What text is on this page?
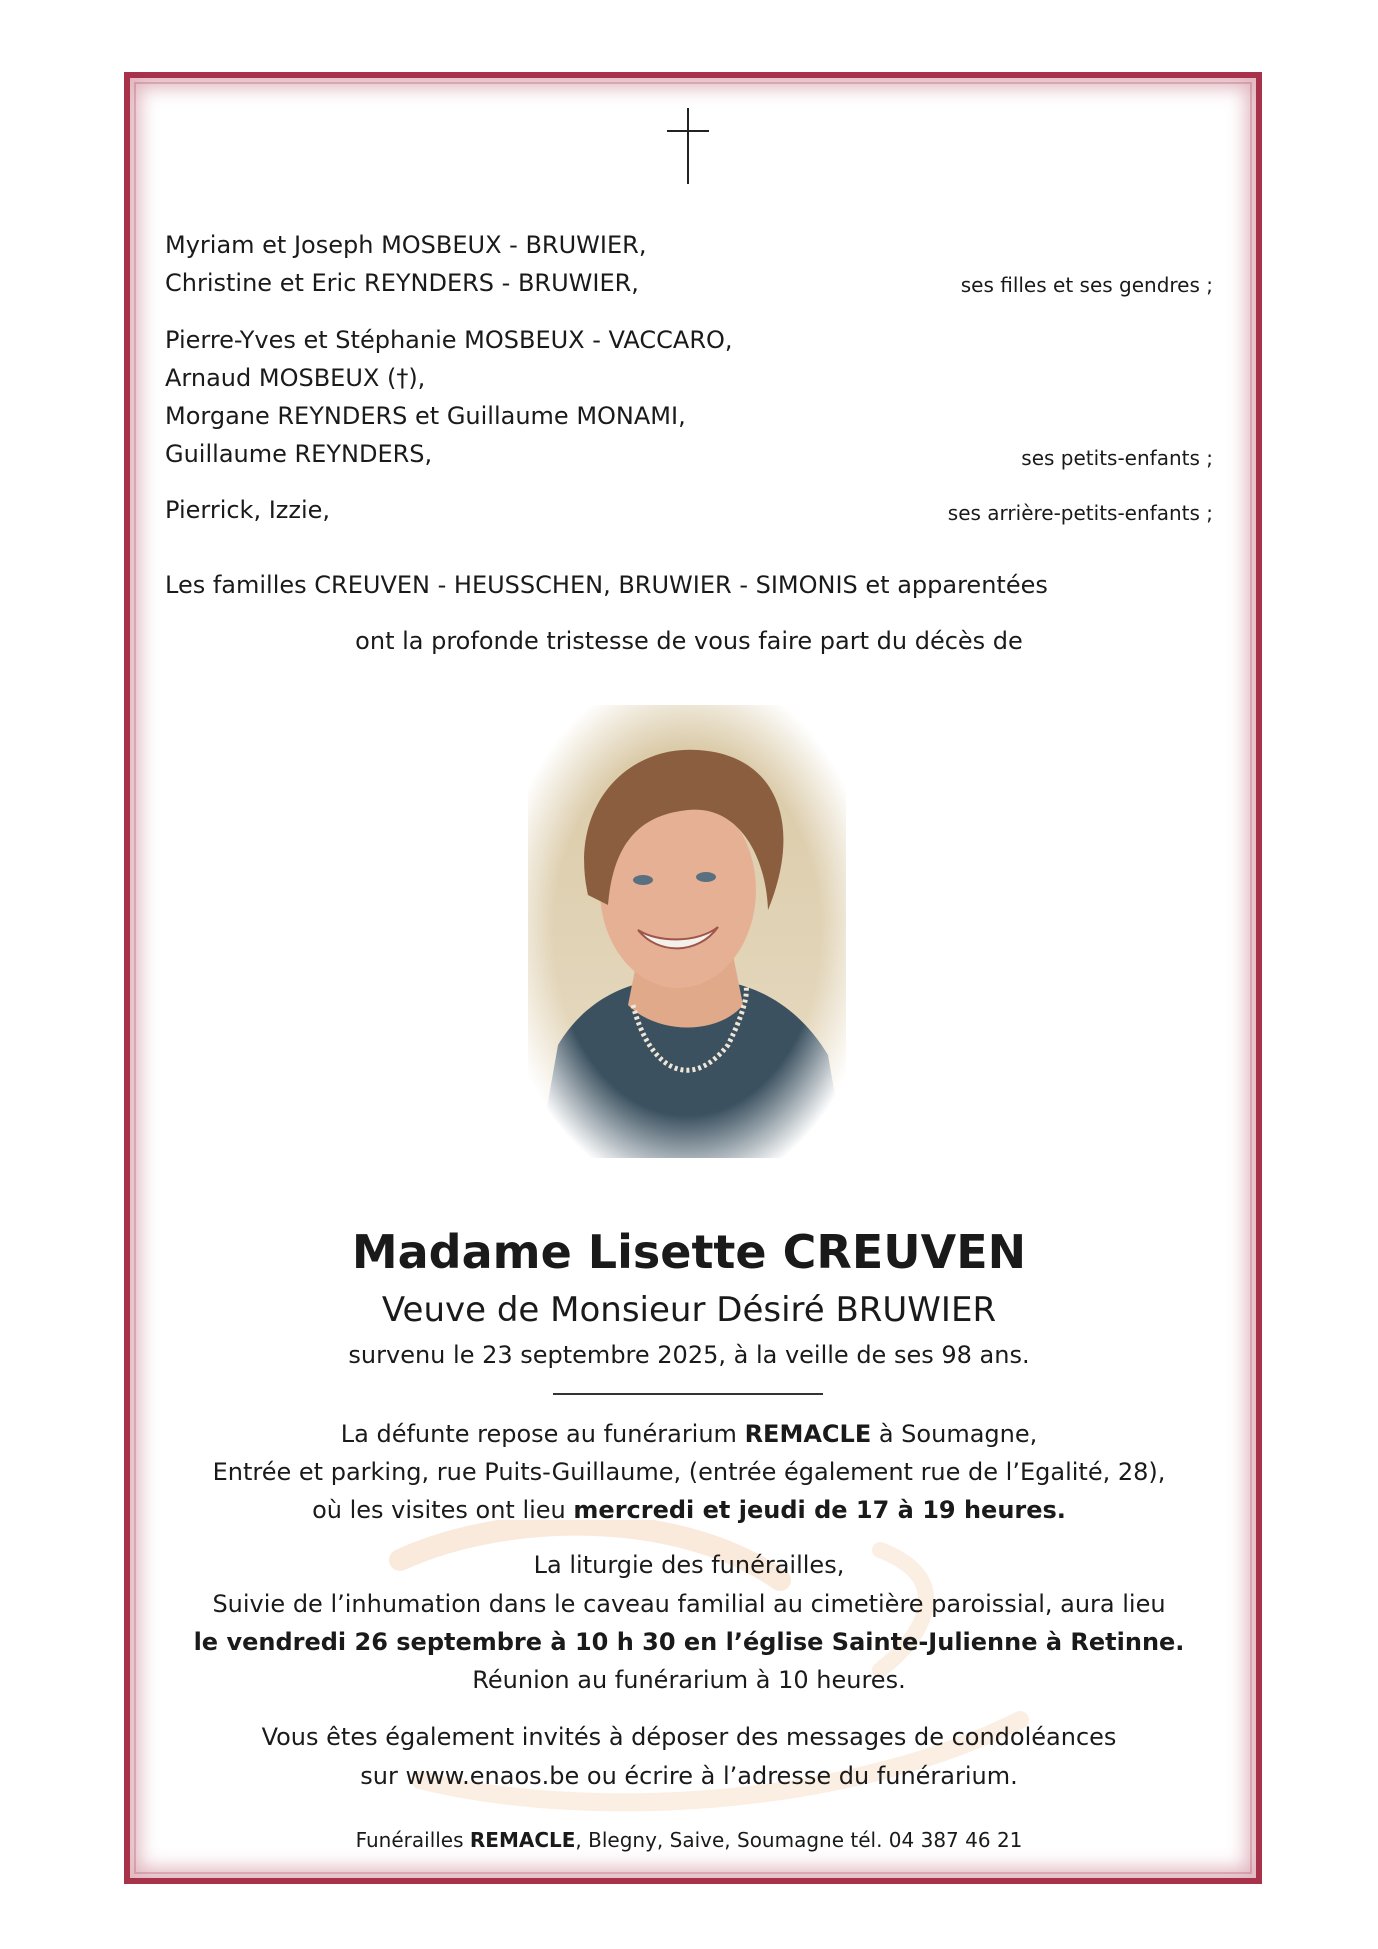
Myriam et Joseph MOSBEUX - BRUWIER,
Christine et Eric REYNDERS - BRUWIER,	ses filles et ses gendres ;
Pierre-Yves et Stéphanie MOSBEUX - VACCARO,
Arnaud MOSBEUX (†),
Morgane REYNDERS et Guillaume MONAMI,
Guillaume REYNDERS,	ses petits-enfants ;
Pierrick, Izzie,	ses arrière-petits-enfants ;
Les familles CREUVEN - HEUSSCHEN, BRUWIER - SIMONIS et apparentées
ont la profonde tristesse de vous faire part du décès de
Madame Lisette CREUVEN
Veuve de Monsieur Désiré BRUWIER
survenu le 23 septembre 2025, à la veille de ses 98 ans.
La défunte repose au funérarium REMACLE à Soumagne,
Entrée et parking, rue Puits-Guillaume, (entrée également rue de l’Egalité, 28),
où les visites ont lieu mercredi et jeudi de 17 à 19 heures.
La liturgie des funérailles,
Suivie de l’inhumation dans le caveau familial au cimetière paroissial, aura lieu
le vendredi 26 septembre à 10 h 30 en l’église Sainte-Julienne à Retinne.
Réunion au funérarium à 10 heures.
Vous êtes également invités à déposer des messages de condoléances
sur www.enaos.be ou écrire à l’adresse du funérarium.
Funérailles REMACLE, Blegny, Saive, Soumagne tél. 04 387 46 21
